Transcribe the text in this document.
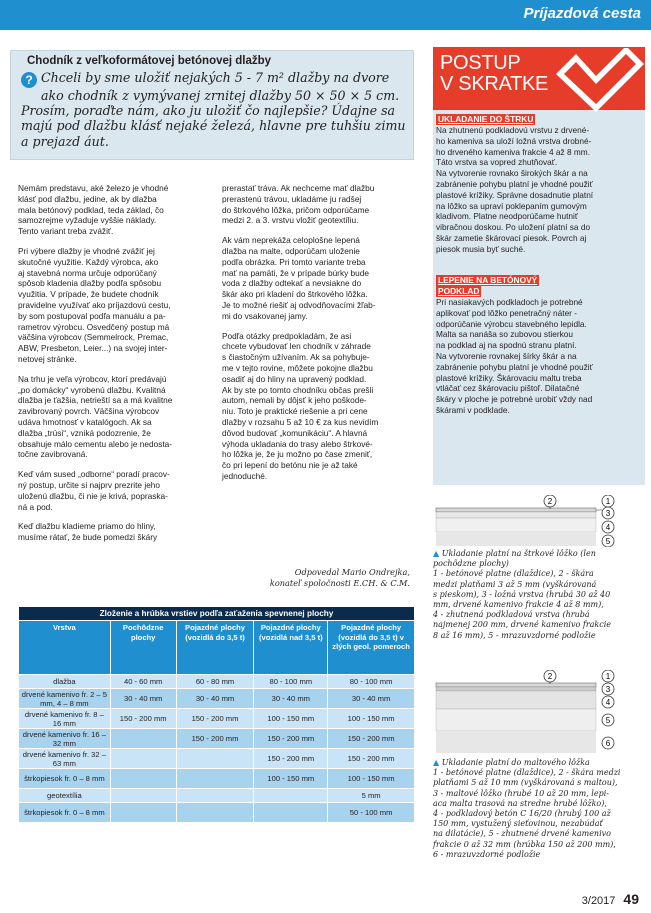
Príjazdová cesta
Chodník z veľkoformátovej betónovej dlažby
? Chceli by sme uložiť nejakých 5 - 7 m² dlažby na dvore
ako chodník z vymývanej zrnitej dlažby 50 × 50 × 5 cm.
Prosím, poraďte nám, ako ju uložiť čo najlepšie? Údajne sa
majú pod dlažbu klásť nejaké železá, hlavne pre tuhšiu zimu
a prejazd áut.

Nemám predstavu, aké železo je vhodné
klásť pod dlažbu, jedine, ak by dlažba
mala betónový podklad, teda základ, čo
samozrejme vyžaduje vyššie náklady.
Tento variant treba zvážiť.

Pri výbere dlažby je vhodné zvážiť jej
skutočné využitie. Každý výrobca, ako
aj stavebná norma určuje odporúčaný
spôsob kladenia dlažby podľa spôsobu
využitia. V prípade, že budete chodník
pravidelne využívať ako príjazdovú cestu,
by som postupoval podľa manuálu a pa-
rametrov výrobcu. Osvedčený postup má
väčšina výrobcov (Semmelrock, Premac,
ABW, Presbeton, Leier...) na svojej inter-
netovej stránke.

Na trhu je veľa výrobcov, ktorí predávajú
„po domácky“ vyrobenú dlažbu. Kvalitná
dlažba je ťažšia, netrieští sa a má kvalitne
zavibrovaný povrch. Väčšina výrobcov
udáva hmotnosť v katalógoch. Ak sa
dlažba „trúsi“, vzniká podozrenie, že
obsahuje málo cementu alebo je nedosta-
točne zavibrovaná.

Keď vám sused „odborne“ poradí pracov-
ný postup, určite si najprv prezrite jeho
uloženú dlažbu, či nie je krivá, popraska-
ná a pod.

Keď dlažbu kladieme priamo do hliny,
musíme rátať, že bude pomedzi škáry

prerastať tráva. Ak nechceme mať dlažbu
prerastenú trávou, ukladáme ju radšej
do štrkového lôžka, pričom odporúčame
medzi 2. a 3. vrstvu vložiť geotextíliu.

Ak vám neprekáža celoplošne lepená
dlažba na malte, odporúčam uloženie
podľa obrázka. Pri tomto variante treba
mať na pamäti, že v prípade búrky bude
voda z dlažby odtekať a nevsiakne do
škár ako pri kladení do štrkového lôžka.
Je to možné riešiť aj odvodňovacími žľab-
mi do vsakovanej jamy.

Podľa otázky predpokladám, že asi
chcete vybudovať len chodník v záhrade
s čiastočným užívaním. Ak sa pohybuje-
me v tejto rovine, môžete pokojne dlažbu
osadiť aj do hliny na upravený podklad.
Ak by ste po tomto chodníku občas prešli
autom, nemali by dôjsť k jeho poškode-
niu. Toto je praktické riešenie a pri cene
dlažby v rozsahu 5 až 10 € za kus nevidím
dôvod budovať „komunikáciu“. A hlavná
výhoda ukladania do trasy alebo štrkové-
ho lôžka je, že ju možno po čase zmeniť,
čo pri lepení do betónu nie je až také
jednoduché.

Odpovedal Mario Ondrejka,
konateľ spoločnosti E.CH. & C.M.
Zloženie a hrúbka vrstiev podľa zaťaženia spevnenej plochy				
Vrstva	Pochôdzne plochy	Pojazdné plochy (vozidlá do 3,5 t)	Pojazdné plochy (vozidlá nad 3,5 t)	Pojazdné plochy (vozidlá do 3,5 t) v zlých geol. pomeroch
dlažba	40 - 60 mm	60 - 80 mm	80 - 100 mm	80 - 100 mm
drvené kamenivo fr. 2 – 5 mm, 4 – 8 mm	30 - 40 mm	30 - 40 mm	30 - 40 mm	30 - 40 mm
drvené kamenivo fr. 8 – 16 mm	150 - 200 mm	150 - 200 mm	100 - 150 mm	100 - 150 mm
drvené kamenivo fr. 16 – 32 mm		150 - 200 mm	150 - 200 mm	150 - 200 mm
drvené kamenivo fr. 32 – 63 mm			150 - 200 mm	150 - 200 mm
štrkopiesok fr. 0 – 8 mm			100 - 150 mm	100 - 150 mm
geotextília				5 mm
štrkopiesok fr. 0 – 8 mm				50 - 100 mm
POSTUP
V SKRATKE
UKLADANIE DO ŠTRKU
Na zhutnenú podkladovú vrstvu z drvené-
ho kameniva sa uloží ložná vrstva drobné-
ho drveného kameniva frakcie 4 až 8 mm.
Táto vrstva sa vopred zhutňovať.
Na vytvorenie rovnako širokých škár a na
zabránenie pohybu platní je vhodné použiť
plastové krížiky. Správne dosadnutie platní
na lôžko sa upraví poklepaním gumovým
kladivom. Platne neodporúčame hutniť
vibračnou doskou. Po uložení platní sa do
škár zametie škárovací piesok. Povrch aj
piesok musia byť suché.
LEPENIE NA BETÓNOVÝ
PODKLAD
Pri nasiakavých podkladoch je potrebné
aplikovať pod lôžko penetračný náter -
odporúčanie výrobcu stavebného lepidla.
Malta sa nanáša so zubovou stierkou
na podklad aj na spodnú stranu platní.
Na vytvorenie rovnakej šírky škár a na
zabránenie pohybu platní je vhodné použiť
plastové krížiky. Škárovaciu maltu treba
vtláčať cez škárovaciu pištoľ. Dilatačné
škáry v ploche je potrebné urobiť vždy nad
škárami v podklade.
2	1
3
4
5
▲ Ukladanie platní na štrkové lôžko (len
pochôdzne plochy)
1 - betónové platne (dlaždice), 2 - škára
medzi platňami 3 až 5 mm (vyškárovaná
s pieskom), 3 - ložná vrstva (hrubá 30 až 40
mm, drvené kamenivo frakcie 4 až 8 mm),
4 - zhutnená podkladová vrstva (hrubá
najmenej 200 mm, drvené kamenivo frakcie
8 až 16 mm), 5 - mrazuvzdorné podložie
2	1
3
4
5
6
▲ Ukladanie platní do maltového lôžka
1 - betónové platne (dlaždice), 2 - škára medzi
platňami 5 až 10 mm (vyškárovaná s maltou),
3 - maltové lôžko (hrubé 10 až 20 mm, lepi-
aca malta trasová na stredne hrubé lôžko),
4 - podkladový betón C 16/20 (hrubý 100 až
150 mm, vystužený sieťovinou, nezabúdať
na dilatácie), 5 - zhutnené drvené kamenivo
frakcie 0 až 32 mm (hrúbka 150 až 200 mm),
6 - mrazuvzdorné podložie
3/2017 49
